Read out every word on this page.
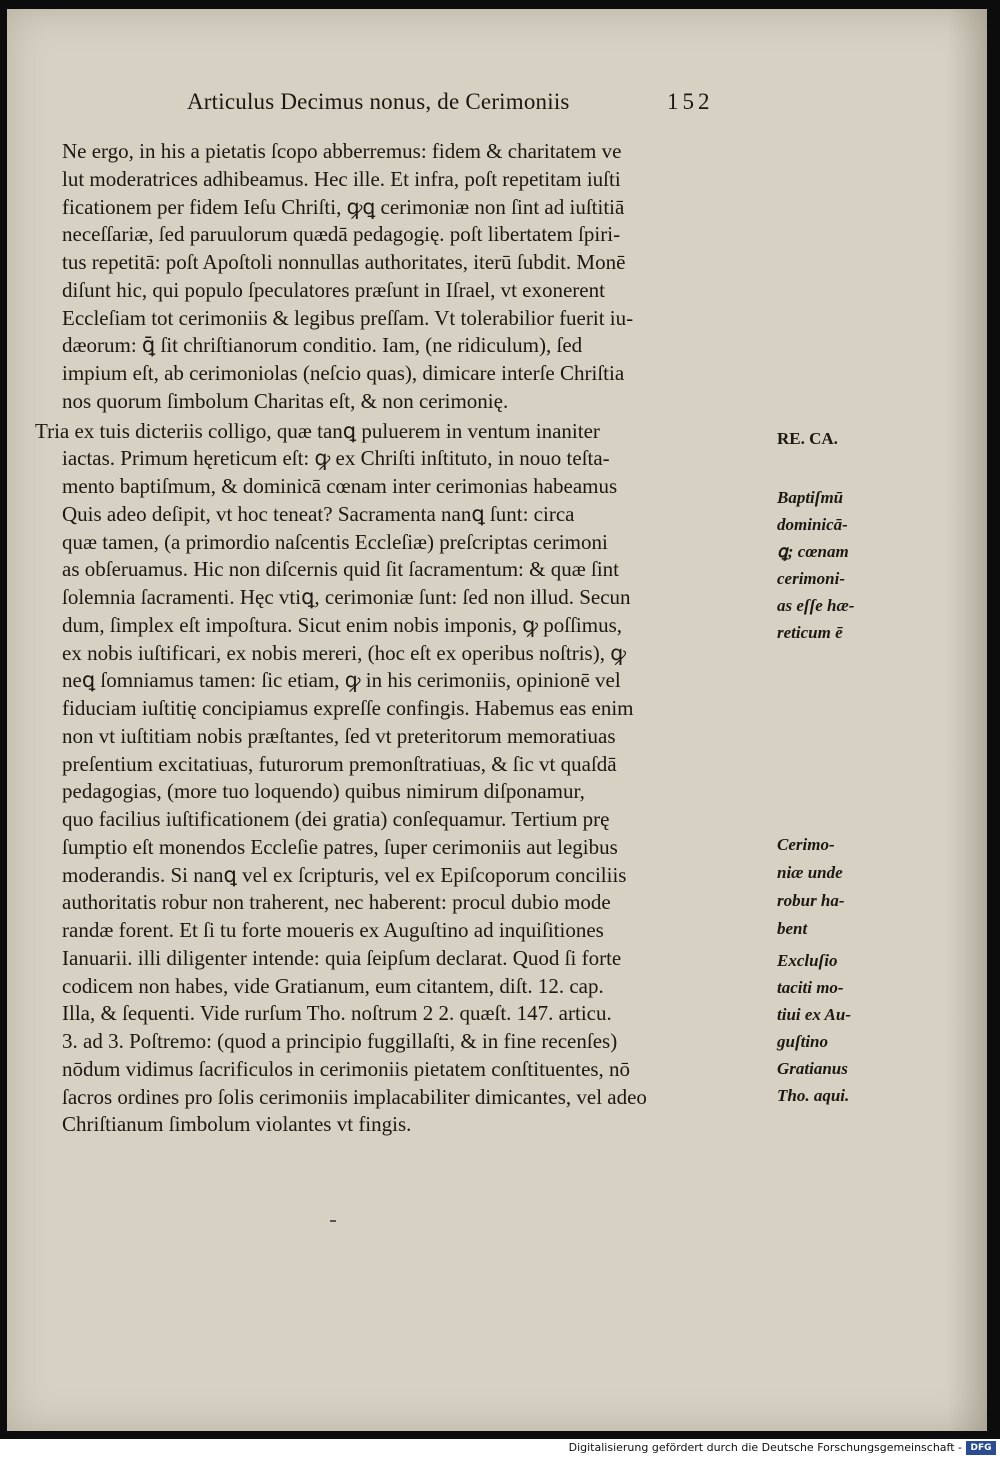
Articulus Decimus nonus, de Cerimoniis	152
Ne ergo, in his a pietatis ſcopo abberremus: fidem & charitatem ve
lut moderatrices adhibeamus. Hec ille. Et infra, poſt repetitam iuſti
ficationem per fidem Ieſu Chriſti, ꝙꝗ cerimoniæ non ſint ad iuſtitiā
neceſſariæ, ſed paruulorum quædā pedagogię. poſt libertatem ſpiri-
tus repetitā: poſt Apoſtoli nonnullas authoritates, iterū ſubdit. Monē
diſunt hic, qui populo ſpeculatores præſunt in Iſrael, vt exonerent
Eccleſiam tot cerimoniis & legibus preſſam. Vt tolerabilior fuerit iu-
dæorum: ꝗ̄ ſit chriſtianorum conditio. Iam, (ne ridiculum), ſed
impium eſt, ab cerimoniolas (neſcio quas), dimicare interſe Chriſtia
nos quorum ſimbolum Charitas eſt, & non cerimonię.
Tria ex tuis dicteriis colligo, quæ tanꝗ puluerem in ventum inaniter
iactas. Primum hęreticum eſt: ꝙ ex Chriſti inſtituto, in nouo teſta-
mento baptiſmum, & dominicā cœnam inter cerimonias habeamus
Quis adeo deſipit, vt hoc teneat? Sacramenta nanꝗ ſunt: circa
quæ tamen, (a primordio naſcentis Eccleſiæ) preſcriptas cerimoni
as obſeruamus. Hic non diſcernis quid ſit ſacramentum: & quæ ſint
ſolemnia ſacramenti. Hęc vtiꝗ, cerimoniæ ſunt: ſed non illud. Secun
dum, ſimplex eſt impoſtura. Sicut enim nobis imponis, ꝙ poſſimus,
ex nobis iuſtificari, ex nobis mereri, (hoc eſt ex operibus noſtris), ꝙ
neꝗ ſomniamus tamen: ſic etiam, ꝙ in his cerimoniis, opinionē vel
fiduciam iuſtitię concipiamus expreſſe confingis. Habemus eas enim
non vt iuſtitiam nobis præſtantes, ſed vt preteritorum memoratiuas
preſentium excitatiuas, futurorum premonſtratiuas, & ſic vt quaſdā
pedagogias, (more tuo loquendo) quibus nimirum diſponamur,
quo facilius iuſtificationem (dei gratia) conſequamur. Tertium prę
ſumptio eſt monendos Eccleſie patres, ſuper cerimoniis aut legibus
moderandis. Si nanꝗ vel ex ſcripturis, vel ex Epiſcoporum conciliis
authoritatis robur non traherent, nec haberent: procul dubio mode
randæ forent. Et ſi tu forte moueris ex Auguſtino ad inquiſitiones
Ianuarii. illi diligenter intende: quia ſeipſum declarat. Quod ſi forte
codicem non habes, vide Gratianum, eum citantem, diſt. 12. cap.
Illa, & ſequenti. Vide rurſum Tho. noſtrum 2 2. quæſt. 147. articu.
3. ad 3. Poſtremo: (quod a principio fuggillaſti, & in fine recenſes)
nōdum vidimus ſacrificulos in cerimoniis pietatem conſtituentes, nō
ſacros ordines pro ſolis cerimoniis implacabiliter dimicantes, vel adeo
Chriſtianum ſimbolum violantes vt fingis.
RE. CA.
Baptiſmū
dominicā-
ꝗ; cœnam
cerimoni-
as eſſe hæ-
reticum ē
Cerimo-
niæ unde
robur ha-
bent
Excluſio
taciti mo-
tiui ex Au-
guſtino
Gratianus
Tho. aqui.
Digitalisierung gefördert durch die Deutsche Forschungsgemeinschaft - DFG
